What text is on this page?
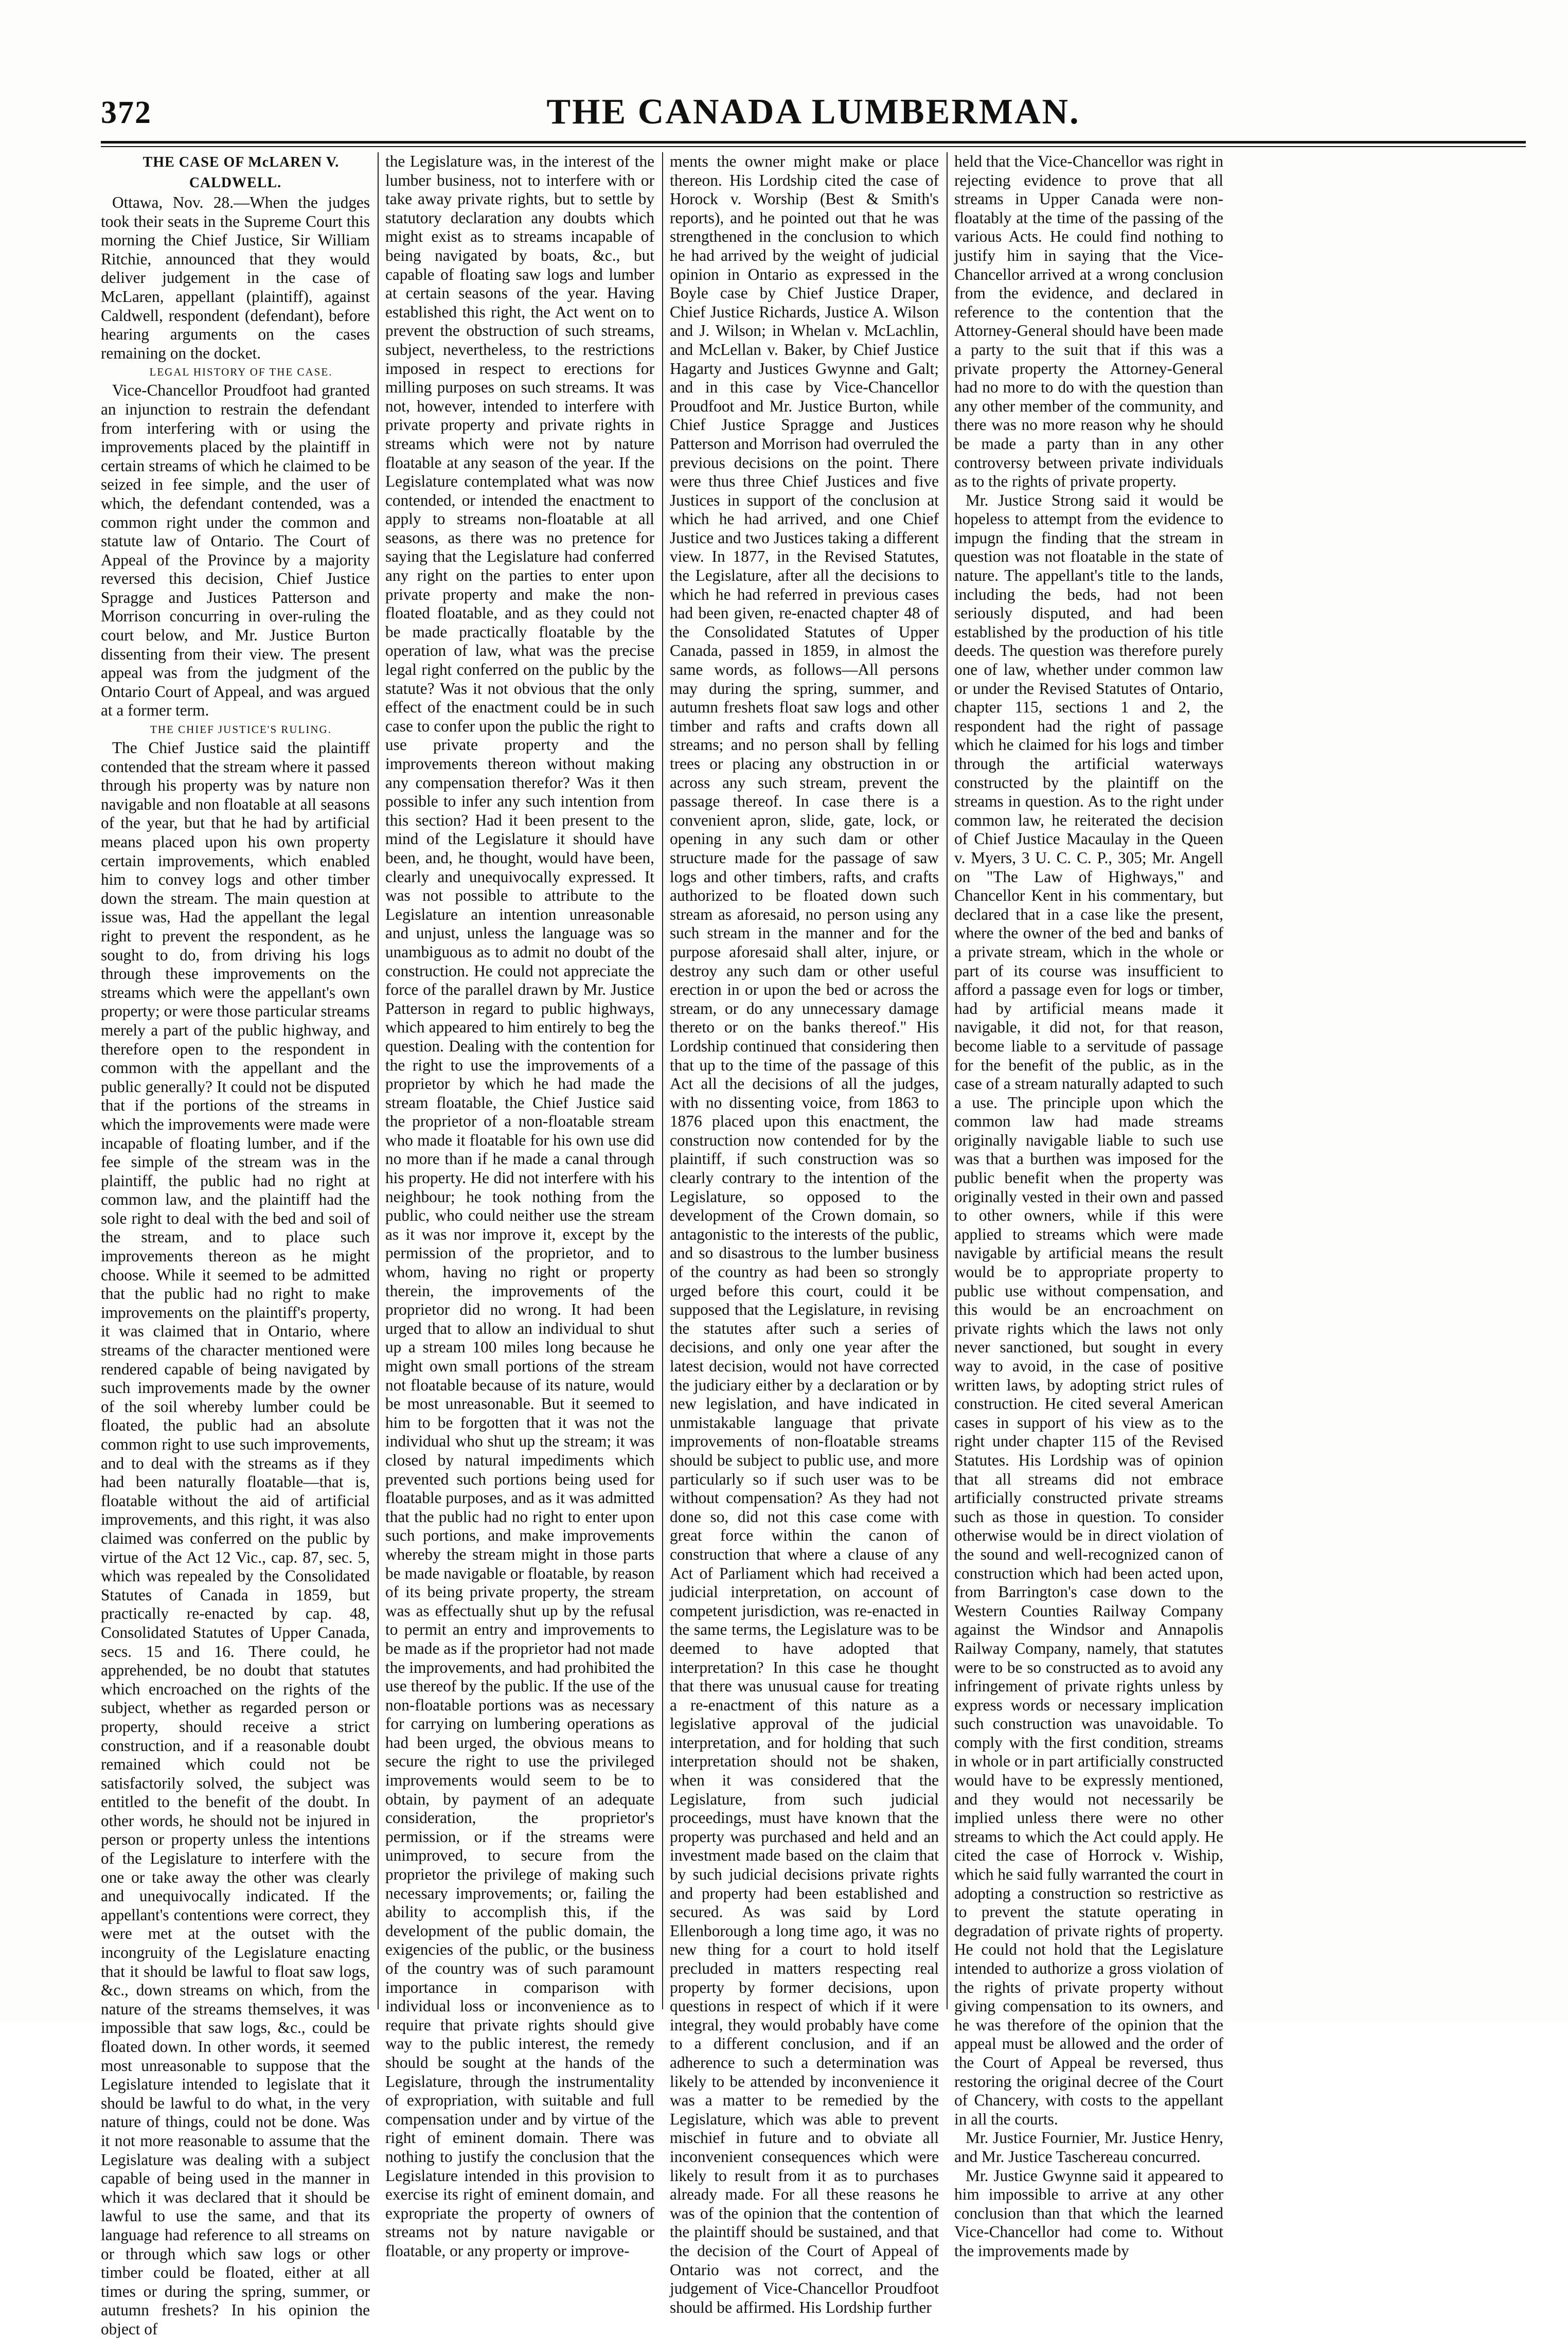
372	THE CANADA LUMBERMAN.

THE CASE OF McLAREN V. CALDWELL.

Ottawa, Nov. 28.—When the judges took their seats in the Supreme Court this morning the Chief Justice, Sir William Ritchie, announced that they would deliver judgement in the case of McLaren, appellant (plaintiff), against Caldwell, respondent (defendant), before hearing arguments on the cases remaining on the docket.

LEGAL HISTORY OF THE CASE.

Vice-Chancellor Proudfoot had granted an injunction to restrain the defendant from interfering with or using the improvements placed by the plaintiff in certain streams of which he claimed to be seized in fee simple, and the user of which, the defendant contended, was a common right under the common and statute law of Ontario. The Court of Appeal of the Province by a majority reversed this decision, Chief Justice Spragge and Justices Patterson and Morrison concurring in over-ruling the court below, and Mr. Justice Burton dissenting from their view. The present appeal was from the judgment of the Ontario Court of Appeal, and was argued at a former term.

THE CHIEF JUSTICE'S RULING.

The Chief Justice said the plaintiff contended that the stream where it passed through his property was by nature non navigable and non floatable at all seasons of the year, but that he had by artificial means placed upon his own property certain improvements, which enabled him to convey logs and other timber down the stream. The main question at issue was, Had the appellant the legal right to prevent the respondent, as he sought to do, from driving his logs through these improvements on the streams which were the appellant's own property; or were those particular streams merely a part of the public highway, and therefore open to the respondent in common with the appellant and the public generally? It could not be disputed that if the portions of the streams in which the improvements were made were incapable of floating lumber, and if the fee simple of the stream was in the plaintiff, the public had no right at common law, and the plaintiff had the sole right to deal with the bed and soil of the stream, and to place such improvements thereon as he might choose. While it seemed to be admitted that the public had no right to make improvements on the plaintiff's property, it was claimed that in Ontario, where streams of the character mentioned were rendered capable of being navigated by such improvements made by the owner of the soil whereby lumber could be floated, the public had an absolute common right to use such improvements, and to deal with the streams as if they had been naturally floatable—that is, floatable without the aid of artificial improvements, and this right, it was also claimed was conferred on the public by virtue of the Act 12 Vic., cap. 87, sec. 5, which was repealed by the Consolidated Statutes of Canada in 1859, but practically re-enacted by cap. 48, Consolidated Statutes of Upper Canada, secs. 15 and 16. There could, he apprehended, be no doubt that statutes which encroached on the rights of the subject, whether as regarded person or property, should receive a strict construction, and if a reasonable doubt remained which could not be satisfactorily solved, the subject was entitled to the benefit of the doubt. In other words, he should not be injured in person or property unless the intentions of the Legislature to interfere with the one or take away the other was clearly and unequivocally indicated. If the appellant's contentions were correct, they were met at the outset with the incongruity of the Legislature enacting that it should be lawful to float saw logs, &c., down streams on which, from the nature of the streams themselves, it was impossible that saw logs, &c., could be floated down. In other words, it seemed most unreasonable to suppose that the Legislature intended to legislate that it should be lawful to do what, in the very nature of things, could not be done. Was it not more reasonable to assume that the Legislature was dealing with a subject capable of being used in the manner in which it was declared that it should be lawful to use the same, and that its language had reference to all streams on or through which saw logs or other timber could be floated, either at all times or during the spring, summer, or autumn freshets? In his opinion the object of

the Legislature was, in the interest of the lumber business, not to interfere with or take away private rights, but to settle by statutory declaration any doubts which might exist as to streams incapable of being navigated by boats, &c., but capable of floating saw logs and lumber at certain seasons of the year. Having established this right, the Act went on to prevent the obstruction of such streams, subject, nevertheless, to the restrictions imposed in respect to erections for milling purposes on such streams. It was not, however, intended to interfere with private property and private rights in streams which were not by nature floatable at any season of the year. If the Legislature contemplated what was now contended, or intended the enactment to apply to streams non-floatable at all seasons, as there was no pretence for saying that the Legislature had conferred any right on the parties to enter upon private property and make the non-floated floatable, and as they could not be made practically floatable by the operation of law, what was the precise legal right conferred on the public by the statute? Was it not obvious that the only effect of the enactment could be in such case to confer upon the public the right to use private property and the improvements thereon without making any compensation therefor? Was it then possible to infer any such intention from this section? Had it been present to the mind of the Legislature it should have been, and, he thought, would have been, clearly and unequivocally expressed. It was not possible to attribute to the Legislature an intention unreasonable and unjust, unless the language was so unambiguous as to admit no doubt of the construction. He could not appreciate the force of the parallel drawn by Mr. Justice Patterson in regard to public highways, which appeared to him entirely to beg the question. Dealing with the contention for the right to use the improvements of a proprietor by which he had made the stream floatable, the Chief Justice said the proprietor of a non-floatable stream who made it floatable for his own use did no more than if he made a canal through his property. He did not interfere with his neighbour; he took nothing from the public, who could neither use the stream as it was nor improve it, except by the permission of the proprietor, and to whom, having no right or property therein, the improvements of the proprietor did no wrong. It had been urged that to allow an individual to shut up a stream 100 miles long because he might own small portions of the stream not floatable because of its nature, would be most unreasonable. But it seemed to him to be forgotten that it was not the individual who shut up the stream; it was closed by natural impediments which prevented such portions being used for floatable purposes, and as it was admitted that the public had no right to enter upon such portions, and make improvements whereby the stream might in those parts be made navigable or floatable, by reason of its being private property, the stream was as effectually shut up by the refusal to permit an entry and improvements to be made as if the proprietor had not made the improvements, and had prohibited the use thereof by the public. If the use of the non-floatable portions was as necessary for carrying on lumbering operations as had been urged, the obvious means to secure the right to use the privileged improvements would seem to be to obtain, by payment of an adequate consideration, the proprietor's permission, or if the streams were unimproved, to secure from the proprietor the privilege of making such necessary improvements; or, failing the ability to accomplish this, if the development of the public domain, the exigencies of the public, or the business of the country was of such paramount importance in comparison with individual loss or inconvenience as to require that private rights should give way to the public interest, the remedy should be sought at the hands of the Legislature, through the instrumentality of expropriation, with suitable and full compensation under and by virtue of the right of eminent domain. There was nothing to justify the conclusion that the Legislature intended in this provision to exercise its right of eminent domain, and expropriate the property of owners of streams not by nature navigable or floatable, or any property or improve-

ments the owner might make or place thereon. His Lordship cited the case of Horock v. Worship (Best & Smith's reports), and he pointed out that he was strengthened in the conclusion to which he had arrived by the weight of judicial opinion in Ontario as expressed in the Boyle case by Chief Justice Draper, Chief Justice Richards, Justice A. Wilson and J. Wilson; in Whelan v. McLachlin, and McLellan v. Baker, by Chief Justice Hagarty and Justices Gwynne and Galt; and in this case by Vice-Chancellor Proudfoot and Mr. Justice Burton, while Chief Justice Spragge and Justices Patterson and Morrison had overruled the previous decisions on the point. There were thus three Chief Justices and five Justices in support of the conclusion at which he had arrived, and one Chief Justice and two Justices taking a different view. In 1877, in the Revised Statutes, the Legislature, after all the decisions to which he had referred in previous cases had been given, re-enacted chapter 48 of the Consolidated Statutes of Upper Canada, passed in 1859, in almost the same words, as follows—All persons may during the spring, summer, and autumn freshets float saw logs and other timber and rafts and crafts down all streams; and no person shall by felling trees or placing any obstruction in or across any such stream, prevent the passage thereof. In case there is a convenient apron, slide, gate, lock, or opening in any such dam or other structure made for the passage of saw logs and other timbers, rafts, and crafts authorized to be floated down such stream as aforesaid, no person using any such stream in the manner and for the purpose aforesaid shall alter, injure, or destroy any such dam or other useful erection in or upon the bed or across the stream, or do any unnecessary damage thereto or on the banks thereof." His Lordship continued that considering then that up to the time of the passage of this Act all the decisions of all the judges, with no dissenting voice, from 1863 to 1876 placed upon this enactment, the construction now contended for by the plaintiff, if such construction was so clearly contrary to the intention of the Legislature, so opposed to the development of the Crown domain, so antagonistic to the interests of the public, and so disastrous to the lumber business of the country as had been so strongly urged before this court, could it be supposed that the Legislature, in revising the statutes after such a series of decisions, and only one year after the latest decision, would not have corrected the judiciary either by a declaration or by new legislation, and have indicated in unmistakable language that private improvements of non-floatable streams should be subject to public use, and more particularly so if such user was to be without compensation? As they had not done so, did not this case come with great force within the canon of construction that where a clause of any Act of Parliament which had received a judicial interpretation, on account of competent jurisdiction, was re-enacted in the same terms, the Legislature was to be deemed to have adopted that interpretation? In this case he thought that there was unusual cause for treating a re-enactment of this nature as a legislative approval of the judicial interpretation, and for holding that such interpretation should not be shaken, when it was considered that the Legislature, from such judicial proceedings, must have known that the property was purchased and held and an investment made based on the claim that by such judicial decisions private rights and property had been established and secured. As was said by Lord Ellenborough a long time ago, it was no new thing for a court to hold itself precluded in matters respecting real property by former decisions, upon questions in respect of which if it were integral, they would probably have come to a different conclusion, and if an adherence to such a determination was likely to be attended by inconvenience it was a matter to be remedied by the Legislature, which was able to prevent mischief in future and to obviate all inconvenient consequences which were likely to result from it as to purchases already made. For all these reasons he was of the opinion that the contention of the plaintiff should be sustained, and that the decision of the Court of Appeal of Ontario was not correct, and the judgement of Vice-Chancellor Proudfoot should be affirmed. His Lordship further

held that the Vice-Chancellor was right in rejecting evidence to prove that all streams in Upper Canada were non-floatably at the time of the passing of the various Acts. He could find nothing to justify him in saying that the Vice-Chancellor arrived at a wrong conclusion from the evidence, and declared in reference to the contention that the Attorney-General should have been made a party to the suit that if this was a private property the Attorney-General had no more to do with the question than any other member of the community, and there was no more reason why he should be made a party than in any other controversy between private individuals as to the rights of private property.

Mr. Justice Strong said it would be hopeless to attempt from the evidence to impugn the finding that the stream in question was not floatable in the state of nature. The appellant's title to the lands, including the beds, had not been seriously disputed, and had been established by the production of his title deeds. The question was therefore purely one of law, whether under common law or under the Revised Statutes of Ontario, chapter 115, sections 1 and 2, the respondent had the right of passage which he claimed for his logs and timber through the artificial waterways constructed by the plaintiff on the streams in question. As to the right under common law, he reiterated the decision of Chief Justice Macaulay in the Queen v. Myers, 3 U. C. C. P., 305; Mr. Angell on "The Law of Highways," and Chancellor Kent in his commentary, but declared that in a case like the present, where the owner of the bed and banks of a private stream, which in the whole or part of its course was insufficient to afford a passage even for logs or timber, had by artificial means made it navigable, it did not, for that reason, become liable to a servitude of passage for the benefit of the public, as in the case of a stream naturally adapted to such a use. The principle upon which the common law had made streams originally navigable liable to such use was that a burthen was imposed for the public benefit when the property was originally vested in their own and passed to other owners, while if this were applied to streams which were made navigable by artificial means the result would be to appropriate property to public use without compensation, and this would be an encroachment on private rights which the laws not only never sanctioned, but sought in every way to avoid, in the case of positive written laws, by adopting strict rules of construction. He cited several American cases in support of his view as to the right under chapter 115 of the Revised Statutes. His Lordship was of opinion that all streams did not embrace artificially constructed private streams such as those in question. To consider otherwise would be in direct violation of the sound and well-recognized canon of construction which had been acted upon, from Barrington's case down to the Western Counties Railway Company against the Windsor and Annapolis Railway Company, namely, that statutes were to be so constructed as to avoid any infringement of private rights unless by express words or necessary implication such construction was unavoidable. To comply with the first condition, streams in whole or in part artificially constructed would have to be expressly mentioned, and they would not necessarily be implied unless there were no other streams to which the Act could apply. He cited the case of Horrock v. Wiship, which he said fully warranted the court in adopting a construction so restrictive as to prevent the statute operating in degradation of private rights of property. He could not hold that the Legislature intended to authorize a gross violation of the rights of private property without giving compensation to its owners, and he was therefore of the opinion that the appeal must be allowed and the order of the Court of Appeal be reversed, thus restoring the original decree of the Court of Chancery, with costs to the appellant in all the courts.

Mr. Justice Fournier, Mr. Justice Henry, and Mr. Justice Taschereau concurred.

Mr. Justice Gwynne said it appeared to him impossible to arrive at any other conclusion than that which the learned Vice-Chancellor had come to. Without the improvements made by
